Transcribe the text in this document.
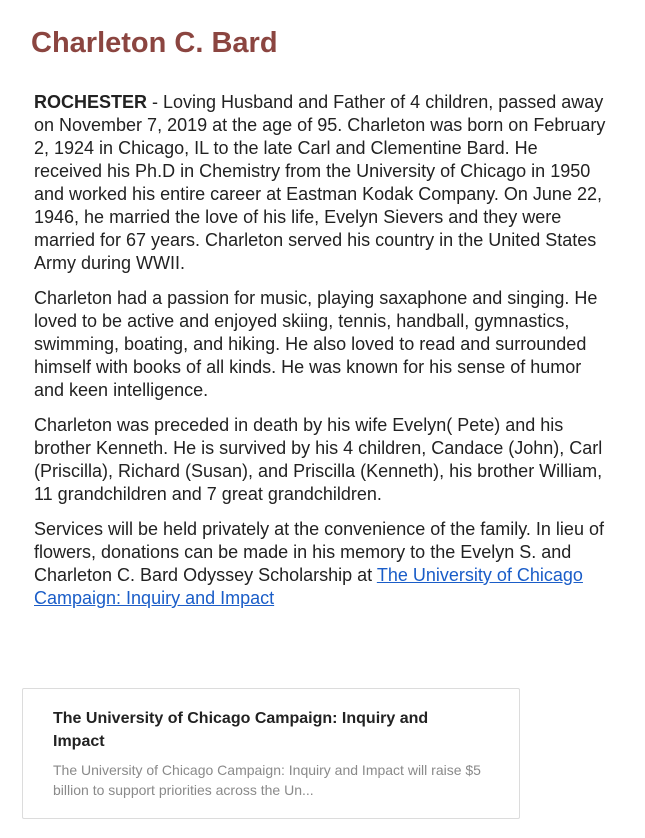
Charleton C. Bard

ROCHESTER - Loving Husband and Father of 4 children, passed away on November 7, 2019 at the age of 95. Charleton was born on February 2, 1924 in Chicago, IL to the late Carl and Clementine Bard. He received his Ph.D in Chemistry from the University of Chicago in 1950 and worked his entire career at Eastman Kodak Company. On June 22, 1946, he married the love of his life, Evelyn Sievers and they were married for 67 years. Charleton served his country in the United States Army during WWII.

Charleton had a passion for music, playing saxaphone and singing. He loved to be active and enjoyed skiing, tennis, handball, gymnastics, swimming, boating, and hiking. He also loved to read and surrounded himself with books of all kinds. He was known for his sense of humor and keen intelligence.

Charleton was preceded in death by his wife Evelyn( Pete) and his brother Kenneth. He is survived by his 4 children, Candace (John), Carl (Priscilla), Richard (Susan), and Priscilla (Kenneth), his brother William, 11 grandchildren and 7 great grandchildren.

Services will be held privately at the convenience of the family. In lieu of flowers, donations can be made in his memory to the Evelyn S. and Charleton C. Bard Odyssey Scholarship at The University of Chicago Campaign: Inquiry and Impact

The University of Chicago Campaign: Inquiry and Impact

The University of Chicago Campaign: Inquiry and Impact will raise $5 billion to support priorities across the Un...
